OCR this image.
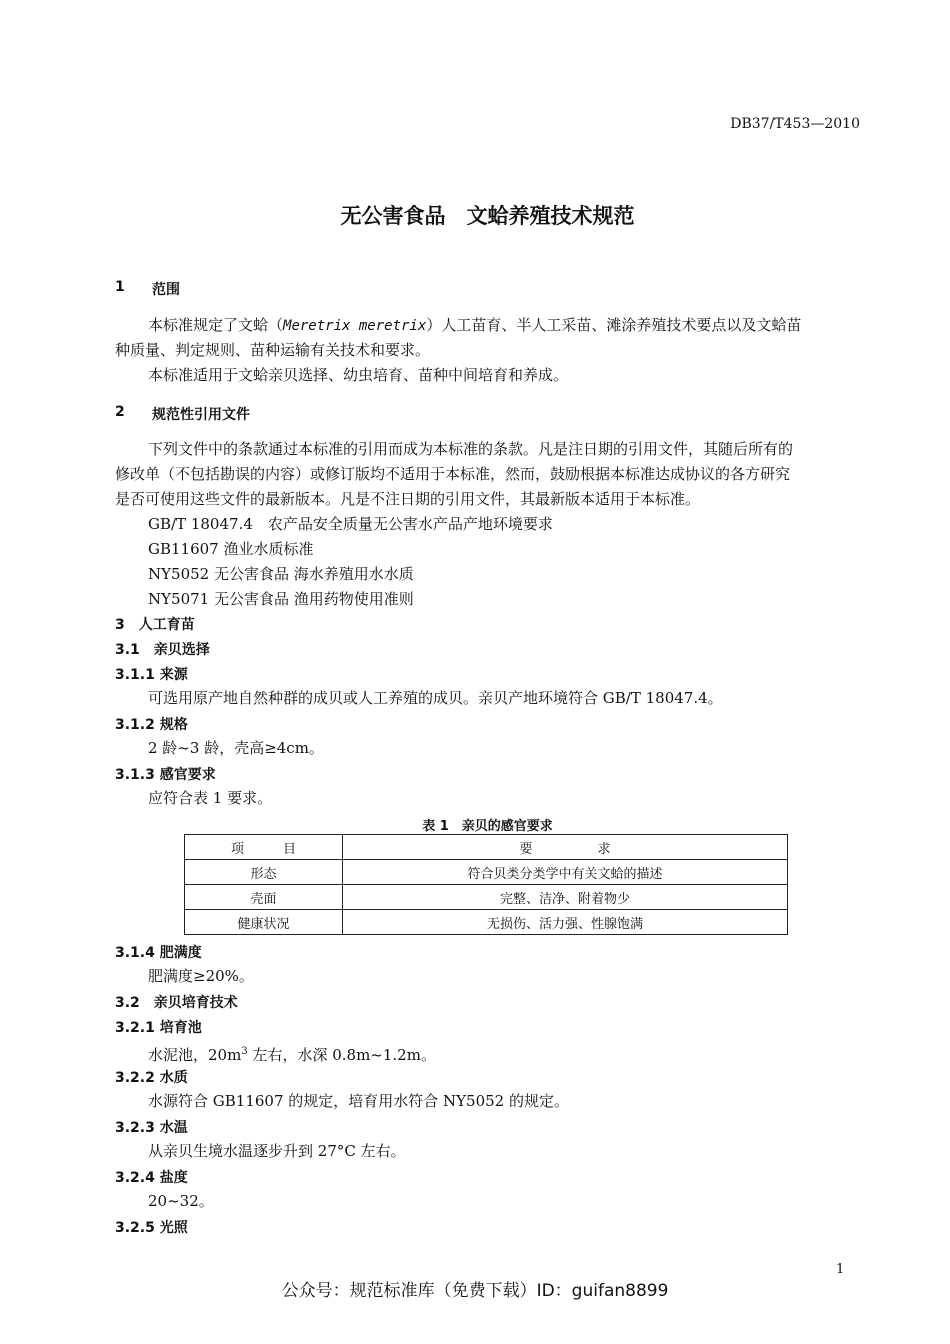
DB37/T453—2010
无公害食品　文蛤养殖技术规范
1 范围
本标准规定了文蛤（Meretrix meretrix）人工苗育、半人工采苗、滩涂养殖技术要点以及文蛤苗
种质量、判定规则、苗种运输有关技术和要求。
本标准适用于文蛤亲贝选择、幼虫培育、苗种中间培育和养成。
2 规范性引用文件
下列文件中的条款通过本标准的引用而成为本标准的条款。凡是注日期的引用文件，其随后所有的
修改单（不包括勘误的内容）或修订版均不适用于本标准，然而，鼓励根据本标准达成协议的各方研究
是否可使用这些文件的最新版本。凡是不注日期的引用文件，其最新版本适用于本标准。
GB/T 18047.4　农产品安全质量无公害水产品产地环境要求
GB11607 渔业水质标准
NY5052 无公害食品 海水养殖用水水质
NY5071 无公害食品 渔用药物使用准则
3　人工育苗
3.1　亲贝选择
3.1.1 来源
可选用原产地自然种群的成贝或人工养殖的成贝。亲贝产地环境符合 GB/T 18047.4。
3.1.2 规格
2 龄~3 龄，壳高≥4cm。
3.1.3 感官要求
应符合表 1 要求。
表 1　亲贝的感官要求
项　　　目	要　　　　　求
形态	符合贝类分类学中有关文蛤的描述
壳面	完整、洁净、附着物少
健康状况	无损伤、活力强、性腺饱满
3.1.4 肥满度
肥满度≥20%。
3.2　亲贝培育技术
3.2.1 培育池
水泥池，$20m^3$ 左右，水深 0.8m~1.2m。
3.2.2 水质
水源符合 GB11607 的规定，培育用水符合 NY5052 的规定。
3.2.3 水温
从亲贝生境水温逐步升到 27°C 左右。
3.2.4 盐度
20~32。
3.2.5 光照
1
公众号：规范标准库（免费下载）ID：guifan8899
